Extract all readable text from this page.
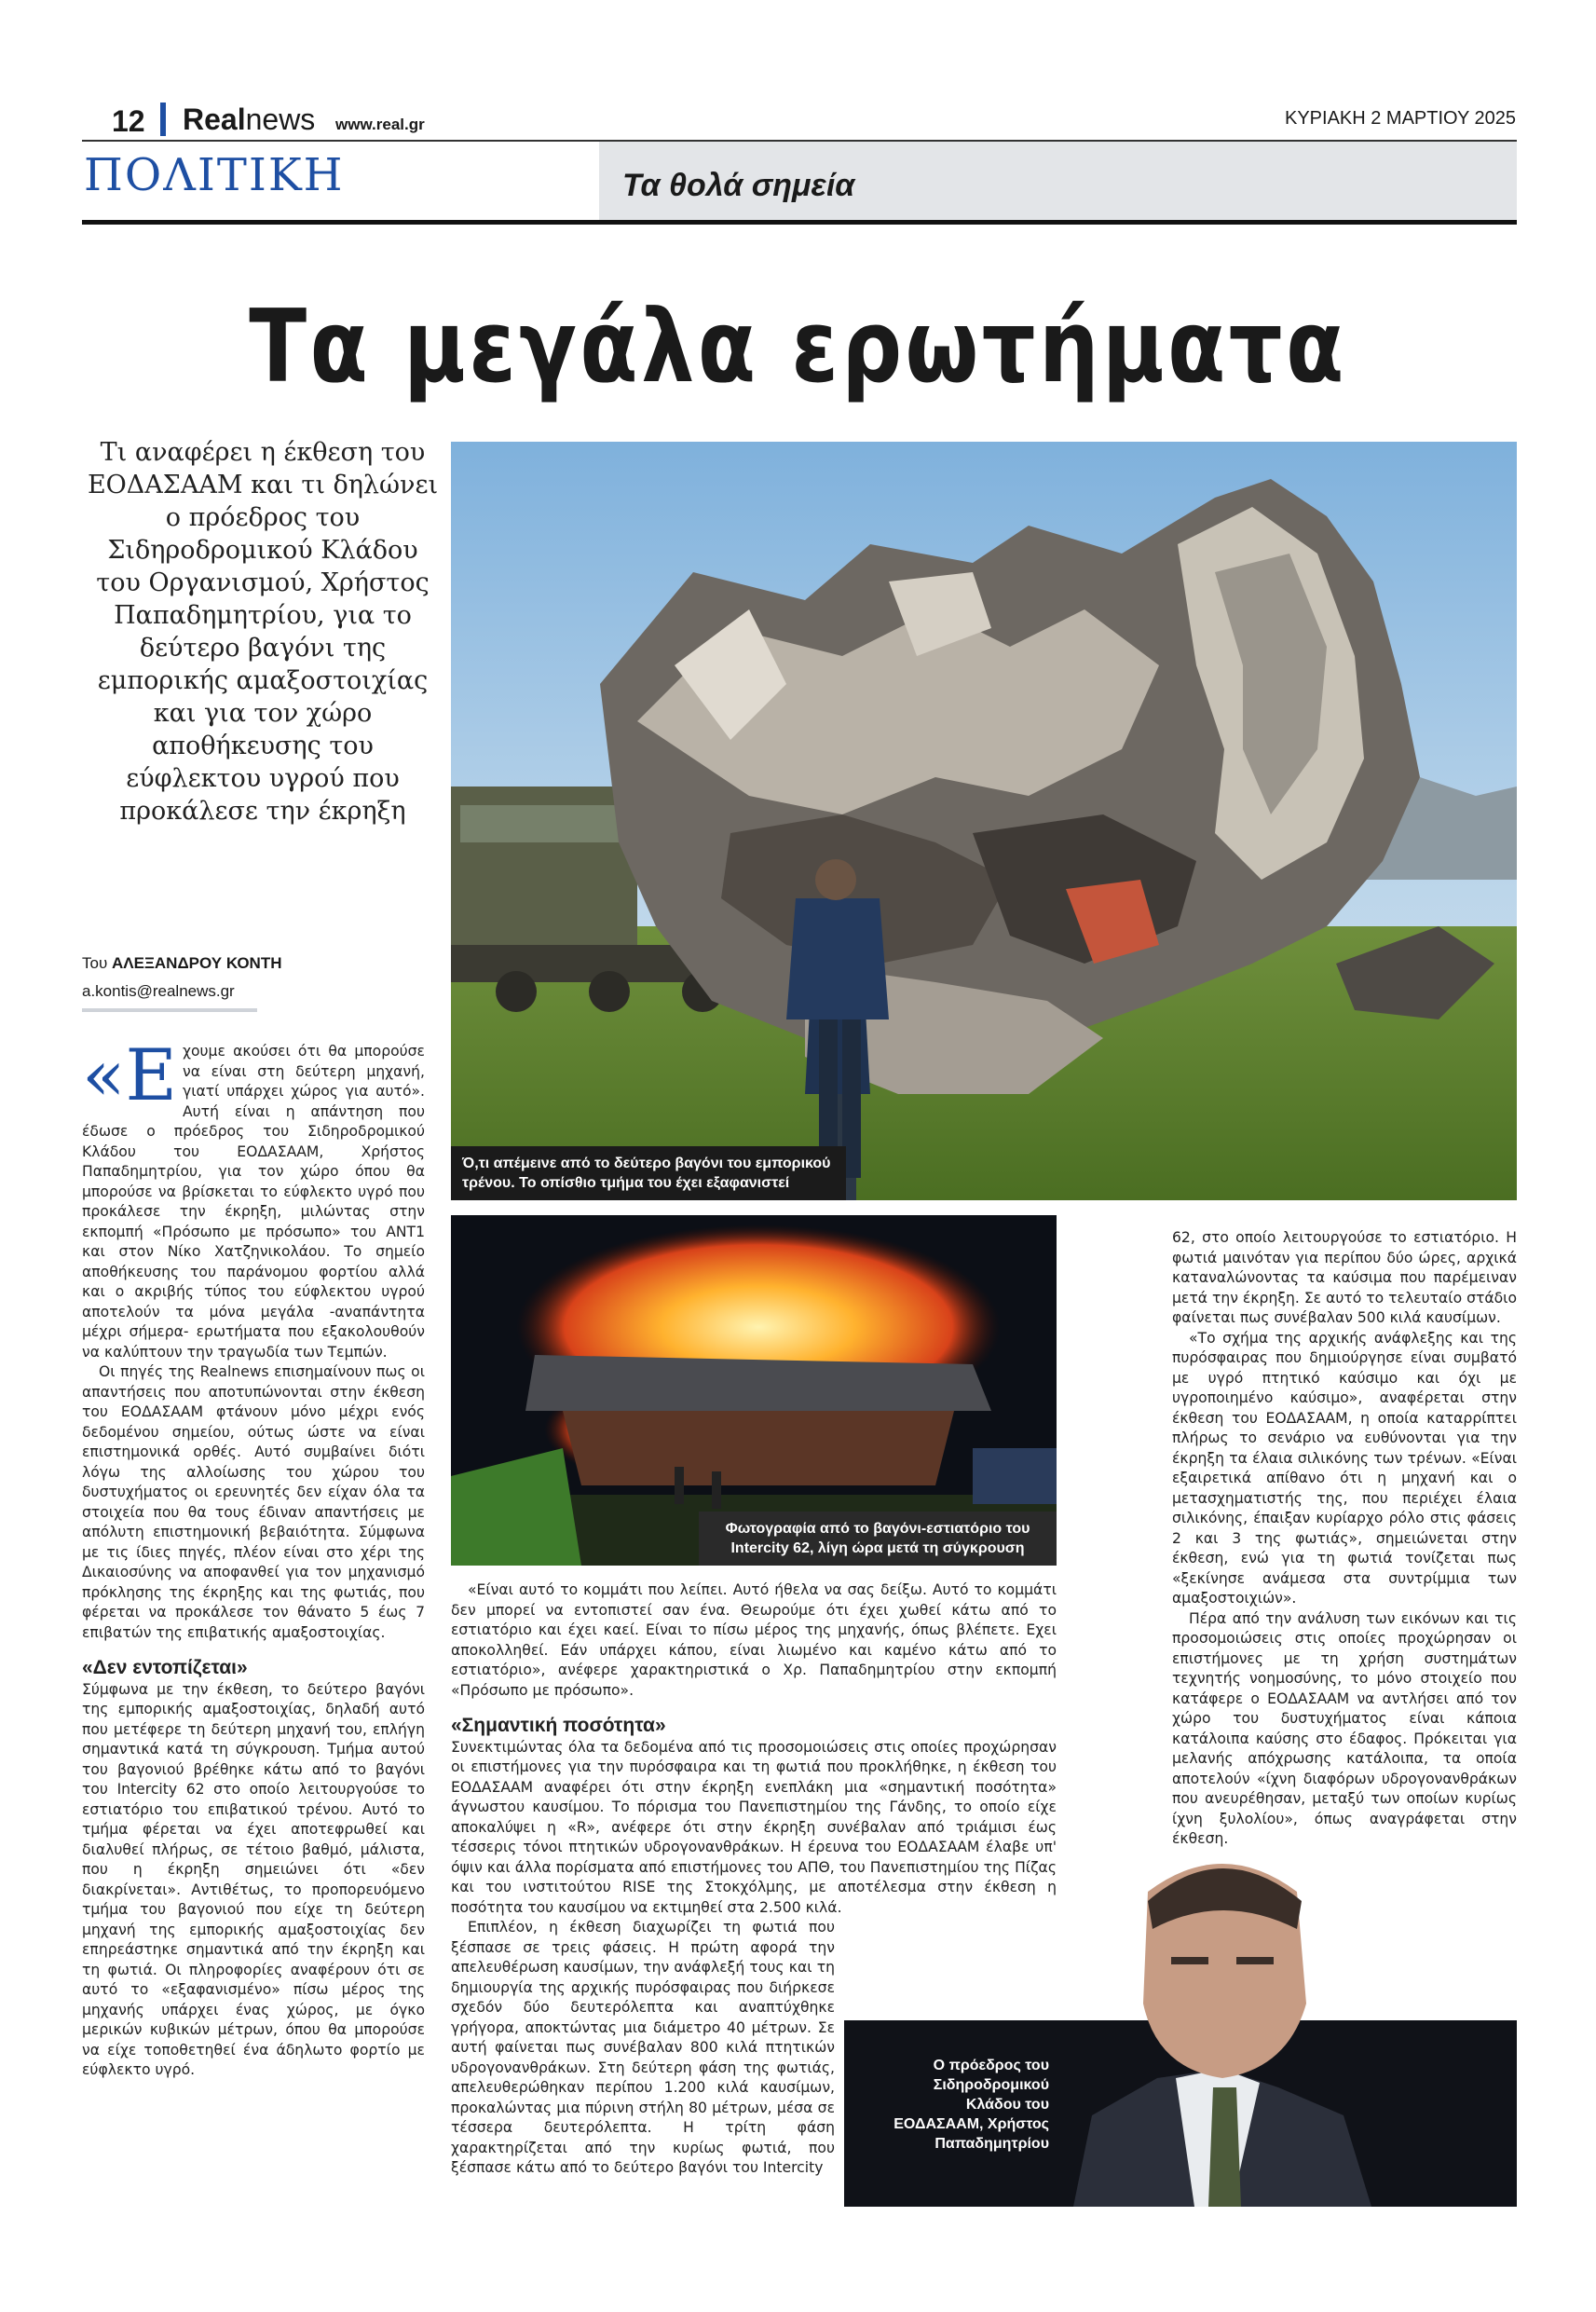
12 Realnews www.real.gr	ΚΥΡΙΑΚΗ 2 ΜΑΡΤΙΟΥ 2025
ΠΟΛΙΤΙΚΗ	Τα θολά σημεία
Τα μεγάλα ερωτήματα
Τι αναφέρει η έκθεση του ΕΟΔΑΣΑΑΜ και τι δηλώνει ο πρόεδρος του Σιδηροδρομικού Κλάδου του Οργανισμού, Χρήστος Παπαδημητρίου, για το δεύτερο βαγόνι της εμπορικής αμαξοστοιχίας και για τον χώρο αποθήκευσης του εύφλεκτου υγρού που προκάλεσε την έκρηξη
Ό,τι απέμεινε από το δεύτερο βαγόνι του εμπορικού τρένου. Το οπίσθιο τμήμα του έχει εξαφανιστεί
Φωτογραφία από το βαγόνι-εστιατόριο του Intercity 62, λίγη ώρα μετά τη σύγκρουση
Του ΑΛΕΞΑΝΔΡΟΥ ΚΟΝΤΗ
a.kontis@realnews.gr

«Εχουμε ακούσει ότι θα μπορούσε να είναι στη δεύτερη μηχανή, γιατί υπάρχει χώρος για αυτό». Αυτή είναι η απάντηση που έδωσε ο πρόεδρος του Σιδηροδρομικού Κλάδου του ΕΟΔΑΣΑΑΜ, Χρήστος Παπαδημητρίου, για τον χώρο όπου θα μπορούσε να βρίσκεται το εύφλεκτο υγρό που προκάλεσε την έκρηξη, μιλώντας στην εκπομπή «Πρόσωπο με πρόσωπο» του ΑΝΤ1 και στον Νίκο Χατζηνικολάου. Το σημείο αποθήκευσης του παράνομου φορτίου αλλά και ο ακριβής τύπος του εύφλεκτου υγρού αποτελούν τα μόνα μεγάλα -αναπάντητα μέχρι σήμερα- ερωτήματα που εξακολουθούν να καλύπτουν την τραγωδία των Τεμπών.

Οι πηγές της Realnews επισημαίνουν πως οι απαντήσεις που αποτυπώνονται στην έκθεση του ΕΟΔΑΣΑΑΜ φτάνουν μόνο μέχρι ενός δεδομένου σημείου, ούτως ώστε να είναι επιστημονικά ορθές. Αυτό συμβαίνει διότι λόγω της αλλοίωσης του χώρου του δυστυχήματος οι ερευνητές δεν είχαν όλα τα στοιχεία που θα τους έδιναν απαντήσεις με απόλυτη επιστημονική βεβαιότητα. Σύμφωνα με τις ίδιες πηγές, πλέον είναι στο χέρι της Δικαιοσύνης να αποφανθεί για τον μηχανισμό πρόκλησης της έκρηξης και της φωτιάς, που φέρεται να προκάλεσε τον θάνατο 5 έως 7 επιβατών της επιβατικής αμαξοστοιχίας.

«Δεν εντοπίζεται»

Σύμφωνα με την έκθεση, το δεύτερο βαγόνι της εμπορικής αμαξοστοιχίας, δηλαδή αυτό που μετέφερε τη δεύτερη μηχανή του, επλήγη σημαντικά κατά τη σύγκρουση. Τμήμα αυτού του βαγονιού βρέθηκε κάτω από το βαγόνι του Intercity 62 στο οποίο λειτουργούσε το εστιατόριο του επιβατικού τρένου. Αυτό το τμήμα φέρεται να έχει αποτεφρωθεί και διαλυθεί πλήρως, σε τέτοιο βαθμό, μάλιστα, που η έκρηξη σημειώνει ότι «δεν διακρίνεται». Αντιθέτως, το προπορευόμενο τμήμα του βαγονιού που είχε τη δεύτερη μηχανή της εμπορικής αμαξοστοιχίας δεν επηρεάστηκε σημαντικά από την έκρηξη και τη φωτιά. Οι πληροφορίες αναφέρουν ότι σε αυτό το «εξαφανισμένο» πίσω μέρος της μηχανής υπάρχει ένας χώρος, με όγκο μερικών κυβικών μέτρων, όπου θα μπορούσε να είχε τοποθετηθεί ένα άδηλωτο φορτίο με εύφλεκτο υγρό.

«Είναι αυτό το κομμάτι που λείπει. Αυτό ήθελα να σας δείξω. Αυτό το κομμάτι δεν μπορεί να εντοπιστεί σαν ένα. Θεωρούμε ότι έχει χωθεί κάτω από το εστιατόριο και έχει καεί. Είναι το πίσω μέρος της μηχανής, όπως βλέπετε. Εχει αποκολληθεί. Εάν υπάρχει κάπου, είναι λιωμένο και καμένο κάτω από το εστιατόριο», ανέφερε χαρακτηριστικά ο Χρ. Παπαδημητρίου στην εκπομπή «Πρόσωπο με πρόσωπο».

«Σημαντική ποσότητα»

Συνεκτιμώντας όλα τα δεδομένα από τις προσομοιώσεις στις οποίες προχώρησαν οι επιστήμονες για την πυρόσφαιρα και τη φωτιά που προκλήθηκε, η έκθεση του ΕΟΔΑΣΑΑΜ αναφέρει ότι στην έκρηξη ενεπλάκη μια «σημαντική ποσότητα» άγνωστου καυσίμου. Το πόρισμα του Πανεπιστημίου της Γάνδης, το οποίο είχε αποκαλύψει η «R», ανέφερε ότι στην έκρηξη συνέβαλαν από τριάμισι έως τέσσερις τόνοι πτητικών υδρογονανθράκων. Η έρευνα του ΕΟΔΑΣΑΑΜ έλαβε υπ' όψιν και άλλα πορίσματα από επιστήμονες του ΑΠΘ, του Πανεπιστημίου της Πίζας και του ινστιτούτου RISE της Στοκχόλμης, με αποτέλεσμα στην έκθεση η ποσότητα του καυσίμου να εκτιμηθεί στα 2.500 κιλά.

Επιπλέον, η έκθεση διαχωρίζει τη φωτιά που ξέσπασε σε τρεις φάσεις. Η πρώτη αφορά την απελευθέρωση καυσίμων, την ανάφλεξή τους και τη δημιουργία της αρχικής πυρόσφαιρας που διήρκεσε σχεδόν δύο δευτερόλεπτα και αναπτύχθηκε γρήγορα, αποκτώντας μια διάμετρο 40 μέτρων. Σε αυτή φαίνεται πως συνέβαλαν 800 κιλά πτητικών υδρογονανθράκων. Στη δεύτερη φάση της φωτιάς, απελευθερώθηκαν περίπου 1.200 κιλά καυσίμων, προκαλώντας μια πύρινη στήλη 80 μέτρων, μέσα σε τέσσερα δευτερόλεπτα. Η τρίτη φάση χαρακτηρίζεται από την κυρίως φωτιά, που ξέσπασε κάτω από το δεύτερο βαγόνι του Intercity

62, στο οποίο λειτουργούσε το εστιατόριο. Η φωτιά μαινόταν για περίπου δύο ώρες, αρχικά καταναλώνοντας τα καύσιμα που παρέμειναν μετά την έκρηξη. Σε αυτό το τελευταίο στάδιο φαίνεται πως συνέβαλαν 500 κιλά καυσίμων.

«Το σχήμα της αρχικής ανάφλεξης και της πυρόσφαιρας που δημιούργησε είναι συμβατό με υγρό πτητικό καύσιμο και όχι με υγροποιημένο καύσιμο», αναφέρεται στην έκθεση του ΕΟΔΑΣΑΑΜ, η οποία καταρρίπτει πλήρως το σενάριο να ευθύνονται για την έκρηξη τα έλαια σιλικόνης των τρένων. «Είναι εξαιρετικά απίθανο ότι η μηχανή και ο μετασχηματιστής της, που περιέχει έλαια σιλικόνης, έπαιξαν κυρίαρχο ρόλο στις φάσεις 2 και 3 της φωτιάς», σημειώνεται στην έκθεση, ενώ για τη φωτιά τονίζεται πως «ξεκίνησε ανάμεσα στα συντρίμμια των αμαξοστοιχιών».

Πέρα από την ανάλυση των εικόνων και τις προσομοιώσεις στις οποίες προχώρησαν οι επιστήμονες με τη χρήση συστημάτων τεχνητής νοημοσύνης, το μόνο στοιχείο που κατάφερε ο ΕΟΔΑΣΑΑΜ να αντλήσει από τον χώρο του δυστυχήματος είναι κάποια κατάλοιπα καύσης στο έδαφος. Πρόκειται για μελανής απόχρωσης κατάλοιπα, τα οποία αποτελούν «ίχνη διαφόρων υδρογονανθράκων που ανευρέθησαν, μεταξύ των οποίων κυρίως ίχνη ξυλολίου», όπως αναγράφεται στην έκθεση.

Ο πρόεδρος του Σιδηροδρομικού Κλάδου του ΕΟΔΑΣΑΑΜ, Χρήστος Παπαδημητρίου
